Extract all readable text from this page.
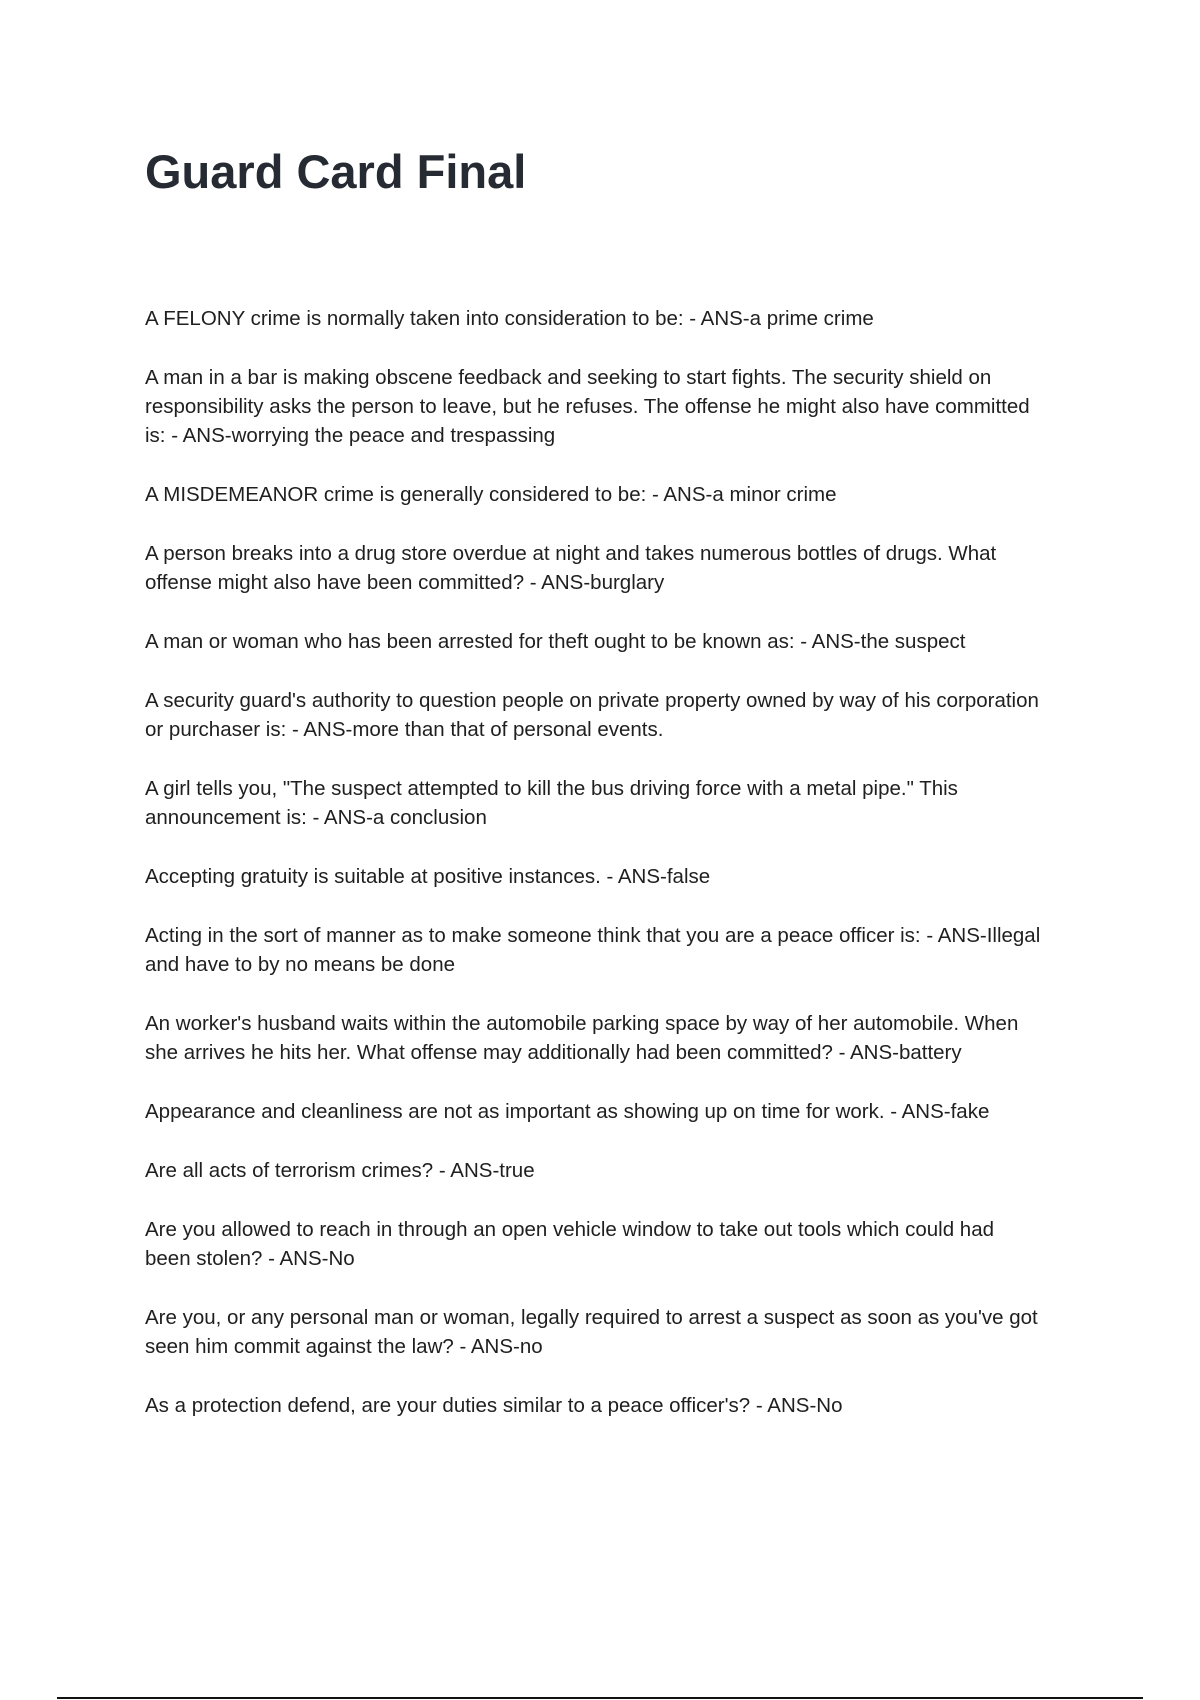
Guard Card Final

A FELONY crime is normally taken into consideration to be: - ANS-a prime crime

A man in a bar is making obscene feedback and seeking to start fights. The security shield on responsibility asks the person to leave, but he refuses. The offense he might also have committed is: - ANS-worrying the peace and trespassing

A MISDEMEANOR crime is generally considered to be: - ANS-a minor crime

A person breaks into a drug store overdue at night and takes numerous bottles of drugs. What offense might also have been committed? - ANS-burglary

A man or woman who has been arrested for theft ought to be known as: - ANS-the suspect

A security guard's authority to question people on private property owned by way of his corporation or purchaser is: - ANS-more than that of personal events.

A girl tells you, "The suspect attempted to kill the bus driving force with a metal pipe." This announcement is: - ANS-a conclusion

Accepting gratuity is suitable at positive instances. - ANS-false

Acting in the sort of manner as to make someone think that you are a peace officer is: - ANS-Illegal and have to by no means be done

An worker's husband waits within the automobile parking space by way of her automobile. When she arrives he hits her. What offense may additionally had been committed? - ANS-battery

Appearance and cleanliness are not as important as showing up on time for work. - ANS-fake

Are all acts of terrorism crimes? - ANS-true

Are you allowed to reach in through an open vehicle window to take out tools which could had been stolen? - ANS-No

Are you, or any personal man or woman, legally required to arrest a suspect as soon as you've got seen him commit against the law? - ANS-no

As a protection defend, are your duties similar to a peace officer's? - ANS-No
